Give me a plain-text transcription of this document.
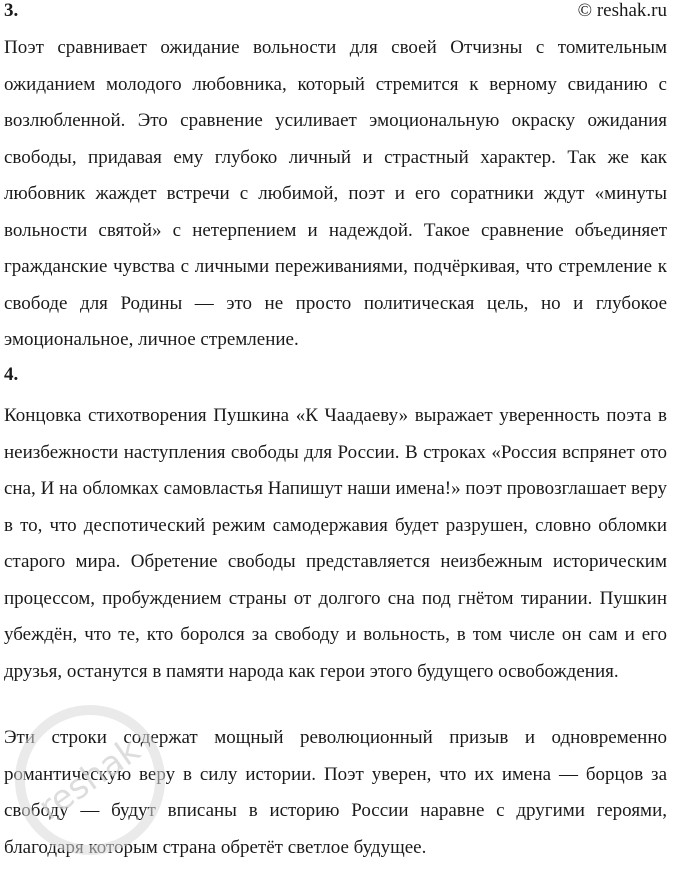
3.	© reshak.ru

Поэт сравнивает ожидание вольности для своей Отчизны с томительным ожиданием молодого любовника, который стремится к верному свиданию с возлюбленной. Это сравнение усиливает эмоциональную окраску ожидания свободы, придавая ему глубоко личный и страстный характер. Так же как любовник жаждет встречи с любимой, поэт и его соратники ждут «минуты вольности святой» с нетерпением и надеждой. Такое сравнение объединяет гражданские чувства с личными переживаниями, подчёркивая, что стремление к свободе для Родины — это не просто политическая цель, но и глубокое эмоциональное, личное стремление.

4.

Концовка стихотворения Пушкина «К Чаадаеву» выражает уверенность поэта в неизбежности наступления свободы для России. В строках «Россия вспрянет ото сна, И на обломках самовластья Напишут наши имена!» поэт провозглашает веру в то, что деспотический режим самодержавия будет разрушен, словно обломки старого мира. Обретение свободы представляется неизбежным историческим процессом, пробуждением страны от долгого сна под гнётом тирании. Пушкин убеждён, что те, кто боролся за свободу и вольность, в том числе он сам и его друзья, останутся в памяти народа как герои этого будущего освобождения.

Эти строки содержат мощный революционный призыв и одновременно романтическую веру в силу истории. Поэт уверен, что их имена — борцов за свободу — будут вписаны в историю России наравне с другими героями, благодаря которым страна обретёт светлое будущее.

reshak
